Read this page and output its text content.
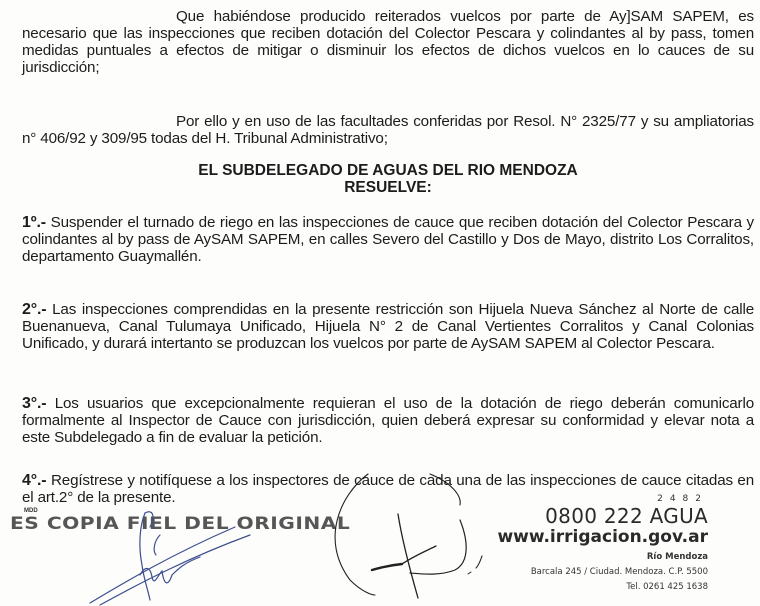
Que habiéndose producido reiterados vuelcos por parte de Ay]SAM SAPEM, es necesario que las inspecciones que reciben dotación del Colector Pescara y colindantes al by pass, tomen medidas puntuales a efectos de mitigar o disminuir los efectos de dichos vuelcos en lo cauces de su jurisdicción;

Por ello y en uso de las facultades conferidas por Resol. N° 2325/77 y su ampliatorias n° 406/92 y 309/95 todas del H. Tribunal Administrativo;

EL SUBDELEGADO DE AGUAS DEL RIO MENDOZA
RESUELVE:

1º.- Suspender el turnado de riego en las inspecciones de cauce que reciben dotación del Colector Pescara y colindantes al by pass de AySAM SAPEM, en calles Severo del Castillo y Dos de Mayo, distrito Los Corralitos, departamento Guaymallén.

2°.- Las inspecciones comprendidas en la presente restricción son Hijuela Nueva Sánchez al Norte de calle Buenanueva, Canal Tulumaya Unificado, Hijuela N° 2 de Canal Vertientes Corralitos y Canal Colonias Unificado, y durará intertanto se produzcan los vuelcos por parte de AySAM SAPEM al Colector Pescara.

3°.- Los usuarios que excepcionalmente requieran el uso de la dotación de riego deberán comunicarlo formalmente al Inspector de Cauce con jurisdicción, quien deberá expresar su conformidad y elevar nota a este Subdelegado a fin de evaluar la petición.

4°.- Regístrese y notifíquese a los inspectores de cauce de cada una de las inspecciones de cauce citadas en el art.2° de la presente.

MDD
ES COPIA FIEL DEL ORIGINAL
2482
0800 222 AGUA
www.irrigacion.gov.ar
Río Mendoza
Barcala 245 / Ciudad. Mendoza. C.P. 5500
Tel. 0261 425 1638
